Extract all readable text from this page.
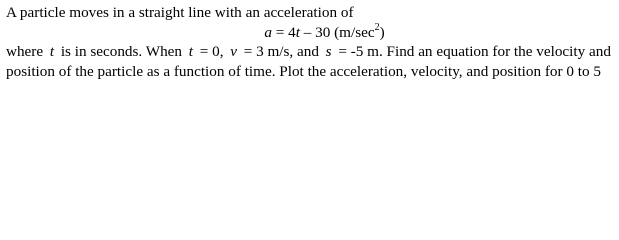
A particle moves in a straight line with an acceleration of
a = 4t – 30 $(m/\sec^2)$
where t is in seconds. When t = 0, v = 3 m/s, and s = -5 m. Find an equation for the velocity and
position of the particle as a function of time. Plot the acceleration, velocity, and position for 0 to 5
